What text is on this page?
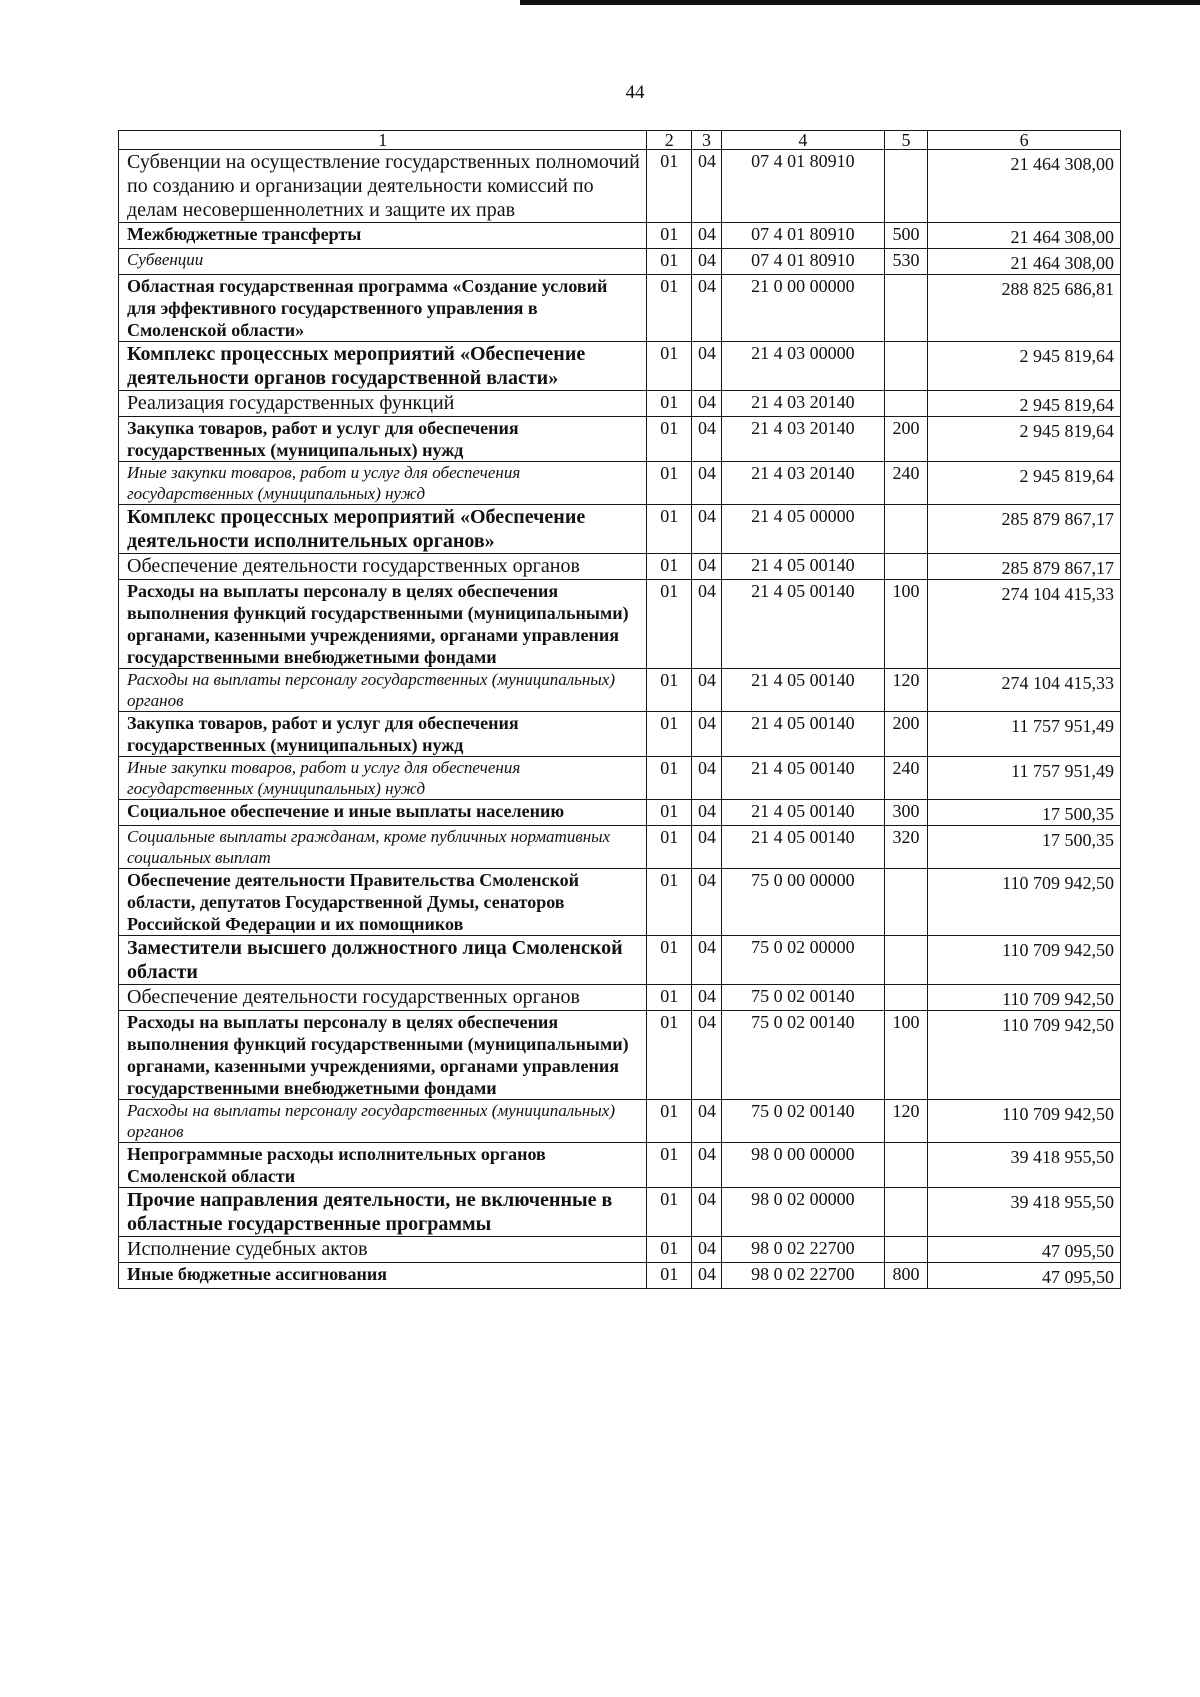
44
1	2	3	4	5	6
Субвенции на осуществление государственных полномочий по созданию и организации деятельности комиссий по делам несовершеннолетних и защите их прав	01	04	07 4 01 80910		21 464 308,00
Межбюджетные трансферты	01	04	07 4 01 80910	500	21 464 308,00
Субвенции	01	04	07 4 01 80910	530	21 464 308,00
Областная государственная программа «Создание условий для эффективного государственного управления в Смоленской области»	01	04	21 0 00 00000		288 825 686,81
Комплекс процессных мероприятий «Обеспечение деятельности органов государственной власти»	01	04	21 4 03 00000		2 945 819,64
Реализация государственных функций	01	04	21 4 03 20140		2 945 819,64
Закупка товаров, работ и услуг для обеспечения государственных (муниципальных) нужд	01	04	21 4 03 20140	200	2 945 819,64
Иные закупки товаров, работ и услуг для обеспечения государственных (муниципальных) нужд	01	04	21 4 03 20140	240	2 945 819,64
Комплекс процессных мероприятий «Обеспечение деятельности исполнительных органов»	01	04	21 4 05 00000		285 879 867,17
Обеспечение деятельности государственных органов	01	04	21 4 05 00140		285 879 867,17
Расходы на выплаты персоналу в целях обеспечения выполнения функций государственными (муниципальными) органами, казенными учреждениями, органами управления государственными внебюджетными фондами	01	04	21 4 05 00140	100	274 104 415,33
Расходы на выплаты персоналу государственных (муниципальных) органов	01	04	21 4 05 00140	120	274 104 415,33
Закупка товаров, работ и услуг для обеспечения государственных (муниципальных) нужд	01	04	21 4 05 00140	200	11 757 951,49
Иные закупки товаров, работ и услуг для обеспечения государственных (муниципальных) нужд	01	04	21 4 05 00140	240	11 757 951,49
Социальное обеспечение и иные выплаты населению	01	04	21 4 05 00140	300	17 500,35
Социальные выплаты гражданам, кроме публичных нормативных социальных выплат	01	04	21 4 05 00140	320	17 500,35
Обеспечение деятельности Правительства Смоленской области, депутатов Государственной Думы, сенаторов Российской Федерации и их помощников	01	04	75 0 00 00000		110 709 942,50
Заместители высшего должностного лица Смоленской области	01	04	75 0 02 00000		110 709 942,50
Обеспечение деятельности государственных органов	01	04	75 0 02 00140		110 709 942,50
Расходы на выплаты персоналу в целях обеспечения выполнения функций государственными (муниципальными) органами, казенными учреждениями, органами управления государственными внебюджетными фондами	01	04	75 0 02 00140	100	110 709 942,50
Расходы на выплаты персоналу государственных (муниципальных) органов	01	04	75 0 02 00140	120	110 709 942,50
Непрограммные расходы исполнительных органов Смоленской области	01	04	98 0 00 00000		39 418 955,50
Прочие направления деятельности, не включенные в областные государственные программы	01	04	98 0 02 00000		39 418 955,50
Исполнение судебных актов	01	04	98 0 02 22700		47 095,50
Иные бюджетные ассигнования	01	04	98 0 02 22700	800	47 095,50
